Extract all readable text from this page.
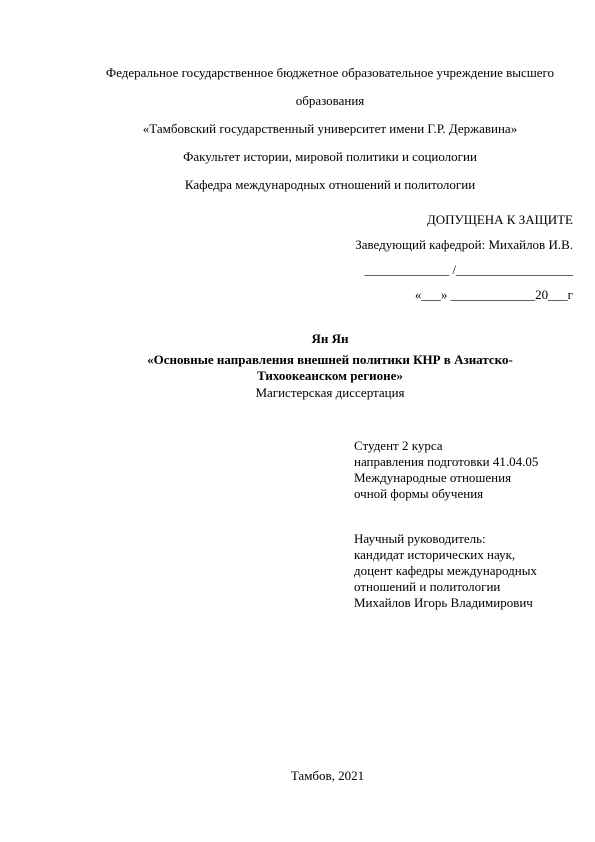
Федеральное государственное бюджетное образовательное учреждение высшего
образования
«Тамбовский государственный университет имени Г.Р. Державина»
Факультет истории, мировой политики и социологии
Кафедра международных отношений и политологии
ДОПУЩЕНА К ЗАЩИТЕ
Заведующий кафедрой: Михайлов И.В.
_____________ /__________________
«___» _____________20___г
Ян Ян
«Основные направления внешней политики КНР в Азиатско-
Тихоокеанском регионе»
Магистерская диссертация
Студент 2 курса
направления подготовки 41.04.05
Международные отношения
очной формы обучения
Научный руководитель:
кандидат исторических наук,
доцент кафедры международных
отношений и политологии
Михайлов Игорь Владимирович
Тамбов, 2021
